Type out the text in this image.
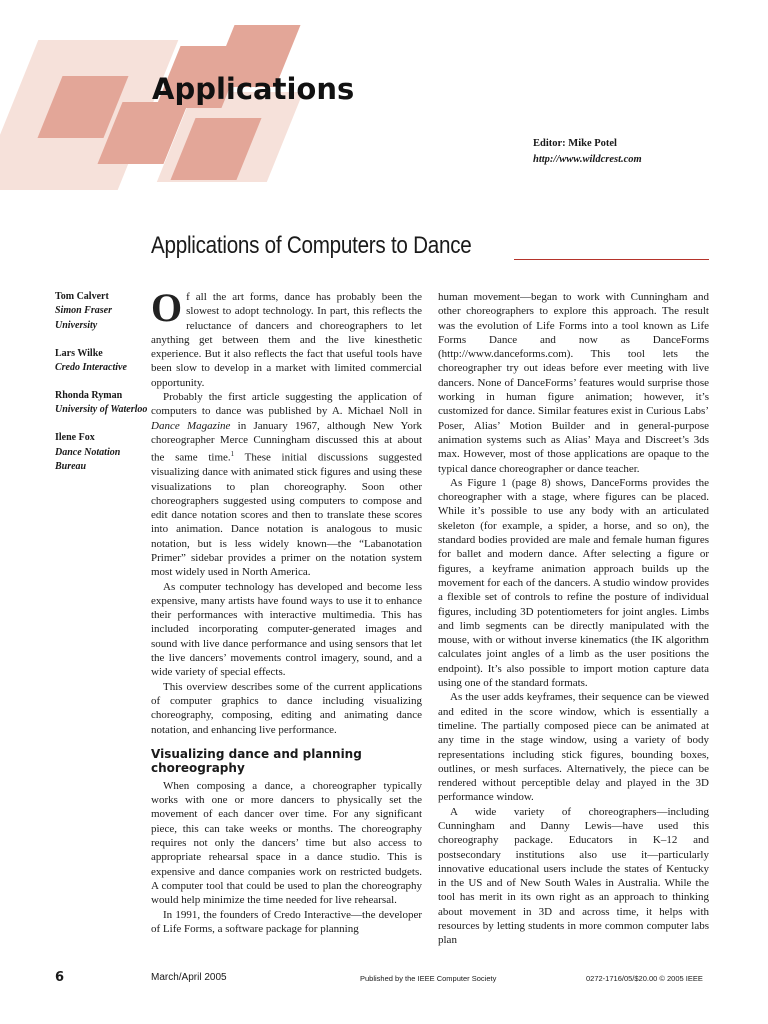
Applications
Editor: Mike Potel
http://www.wildcrest.com
Applications of Computers to Dance
Tom Calvert
Simon Fraser University
Lars Wilke
Credo Interactive
Rhonda Ryman
University of Waterloo
Ilene Fox
Dance Notation Bureau

Of all the art forms, dance has probably been the slowest to adopt technology. In part, this reflects the reluctance of dancers and choreographers to let anything get between them and the live kinesthetic experience. But it also reflects the fact that useful tools have been slow to develop in a market with limited commercial opportunity.

Probably the first article suggesting the application of computers to dance was published by A. Michael Noll in Dance Magazine in January 1967, although New York choreographer Merce Cunningham discussed this at about the same time.$^1$ These initial discussions suggested visualizing dance with animated stick figures and using these visualizations to plan choreography. Soon other choreographers suggested using computers to compose and edit dance notation scores and then to translate these scores into animation. Dance notation is analogous to music notation, but is less widely known—the “Labanotation Primer” sidebar provides a primer on the notation system most widely used in North America.

As computer technology has developed and become less expensive, many artists have found ways to use it to enhance their performances with interactive multimedia. This has included incorporating computer-generated images and sound with live dance performance and using sensors that let the live dancers’ movements control imagery, sound, and a wide variety of special effects.

This overview describes some of the current applications of computer graphics to dance including visualizing choreography, composing, editing and animating dance notation, and enhancing live performance.

Visualizing dance and planning choreography

When composing a dance, a choreographer typically works with one or more dancers to physically set the movement of each dancer over time. For any significant piece, this can take weeks or months. The choreography requires not only the dancers’ time but also access to appropriate rehearsal space in a dance studio. This is expensive and dance companies work on restricted budgets. A computer tool that could be used to plan the choreography would help minimize the time needed for live rehearsal.

In 1991, the founders of Credo Interactive—the developer of Life Forms, a software package for planning

human movement—began to work with Cunningham and other choreographers to explore this approach. The result was the evolution of Life Forms into a tool known as Life Forms Dance and now as DanceForms (http://www.danceforms.com). This tool lets the choreographer try out ideas before ever meeting with live dancers. None of DanceForms’ features would surprise those working in human figure animation; however, it’s customized for dance. Similar features exist in Curious Labs’ Poser, Alias’ Motion Builder and in general-purpose animation systems such as Alias’ Maya and Discreet’s 3ds max. However, most of those applications are opaque to the typical dance choreographer or dance teacher.

As Figure 1 (page 8) shows, DanceForms provides the choreographer with a stage, where figures can be placed. While it’s possible to use any body with an articulated skeleton (for example, a spider, a horse, and so on), the standard bodies provided are male and female human figures for ballet and modern dance. After selecting a figure or figures, a keyframe animation approach builds up the movement for each of the dancers. A studio window provides a flexible set of controls to refine the posture of individual figures, including 3D potentiometers for joint angles. Limbs and limb segments can be directly manipulated with the mouse, with or without inverse kinematics (the IK algorithm calculates joint angles of a limb as the user positions the endpoint). It’s also possible to import motion capture data using one of the standard formats.

As the user adds keyframes, their sequence can be viewed and edited in the score window, which is essentially a timeline. The partially composed piece can be animated at any time in the stage window, using a variety of body representations including stick figures, bounding boxes, outlines, or mesh surfaces. Alternatively, the piece can be rendered without perceptible delay and played in the 3D performance window.

A wide variety of choreographers—including Cunningham and Danny Lewis—have used this choreography package. Educators in K–12 and postsecondary institutions also use it—particularly innovative educational users include the states of Kentucky in the US and of New South Wales in Australia. While the tool has merit in its own right as an approach to thinking about movement in 3D and across time, it helps with resources by letting students in more common computer labs plan

6	March/April 2005	Published by the IEEE Computer Society	0272-1716/05/$20.00 © 2005 IEEE
